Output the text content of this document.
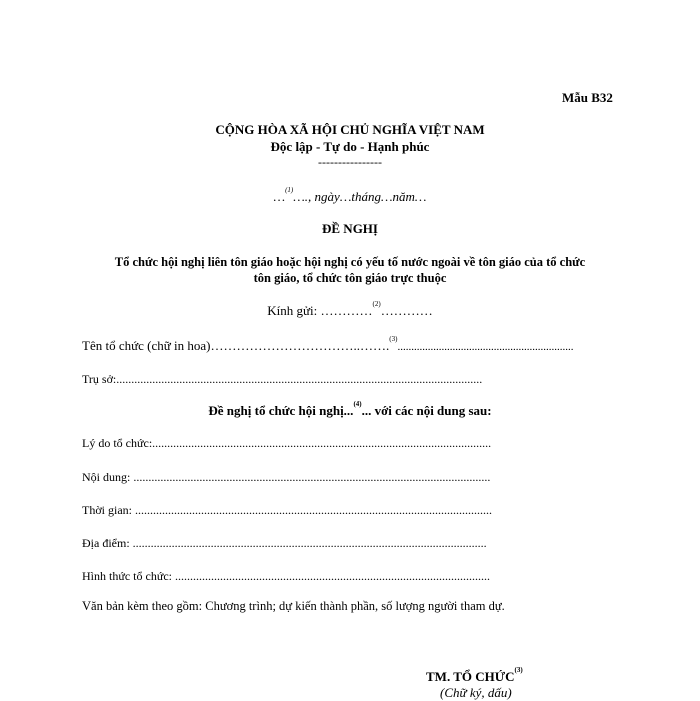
Mẫu B32
CỘNG HÒA XÃ HỘI CHỦ NGHĨA VIỆT NAM
Độc lập - Tự do - Hạnh phúc
----------------
…$^{(1)}$…., ngày…tháng…năm…
ĐỀ NGHỊ
Tổ chức hội nghị liên tôn giáo hoặc hội nghị có yếu tố nước ngoài về tôn giáo của tổ chức
tôn giáo, tổ chức tôn giáo trực thuộc
Kính gửi: …………$^{(2)}$…………
Tên tổ chức (chữ in hoa)……………………………..…….$^{(3)}$................................................................
Trụ sở:..........................................................................................................................
Đề nghị tổ chức hội nghị...$^{(4)}$... với các nội dung sau:
Lý do tổ chức:.................................................................................................................
Nội dung: .......................................................................................................................
Thời gian: .......................................................................................................................
Địa điểm: ......................................................................................................................
Hình thức tổ chức: .........................................................................................................
Văn bản kèm theo gồm: Chương trình; dự kiến thành phần, số lượng người tham dự.
TM. TỔ CHỨC$^{(3)}$
(Chữ ký, dấu)
